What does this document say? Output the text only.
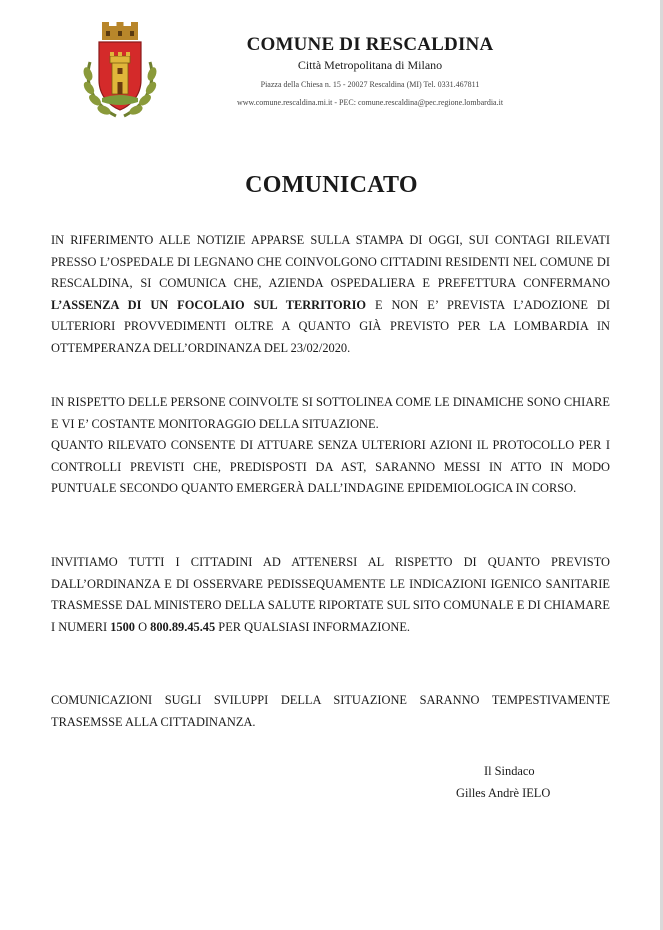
COMUNE DI RESCALDINA
Città Metropolitana di Milano
Piazza della Chiesa n. 15 - 20027 Rescaldina (MI) Tel. 0331.467811
www.comune.rescaldina.mi.it - PEC: comune.rescaldina@pec.regione.lombardia.it
COMUNICATO

IN RIFERIMENTO ALLE NOTIZIE APPARSE SULLA STAMPA DI OGGI, SUI CONTAGI RILEVATI PRESSO L’OSPEDALE DI LEGNANO CHE COINVOLGONO CITTADINI RESIDENTI NEL COMUNE DI RESCALDINA, SI COMUNICA CHE, AZIENDA OSPEDALIERA E PREFETTURA CONFERMANO L’ASSENZA DI UN FOCOLAIO SUL TERRITORIO E NON E’ PREVISTA L’ADOZIONE DI ULTERIORI PROVVEDIMENTI OLTRE A QUANTO GIÀ PREVISTO PER LA LOMBARDIA IN OTTEMPERANZA DELL’ORDINANZA DEL 23/02/2020.

IN RISPETTO DELLE PERSONE COINVOLTE SI SOTTOLINEA COME LE DINAMICHE SONO CHIARE E VI E’ COSTANTE MONITORAGGIO DELLA SITUAZIONE.
QUANTO RILEVATO CONSENTE DI ATTUARE SENZA ULTERIORI AZIONI IL PROTOCOLLO PER I CONTROLLI PREVISTI CHE, PREDISPOSTI DA AST, SARANNO MESSI IN ATTO IN MODO PUNTUALE SECONDO QUANTO EMERGERÀ DALL’INDAGINE EPIDEMIOLOGICA IN CORSO.

INVITIAMO TUTTI I CITTADINI AD ATTENERSI AL RISPETTO DI QUANTO PREVISTO DALL’ORDINANZA E DI OSSERVARE PEDISSEQUAMENTE LE INDICAZIONI IGENICO SANITARIE TRASMESSE DAL MINISTERO DELLA SALUTE RIPORTATE SUL SITO COMUNALE E DI CHIAMARE I NUMERI 1500 O 800.89.45.45 PER QUALSIASI INFORMAZIONE.

COMUNICAZIONI SUGLI SVILUPPI DELLA SITUAZIONE SARANNO TEMPESTIVAMENTE TRASEMSSE ALLA CITTADINANZA.

Il Sindaco
Gilles Andrè IELO
